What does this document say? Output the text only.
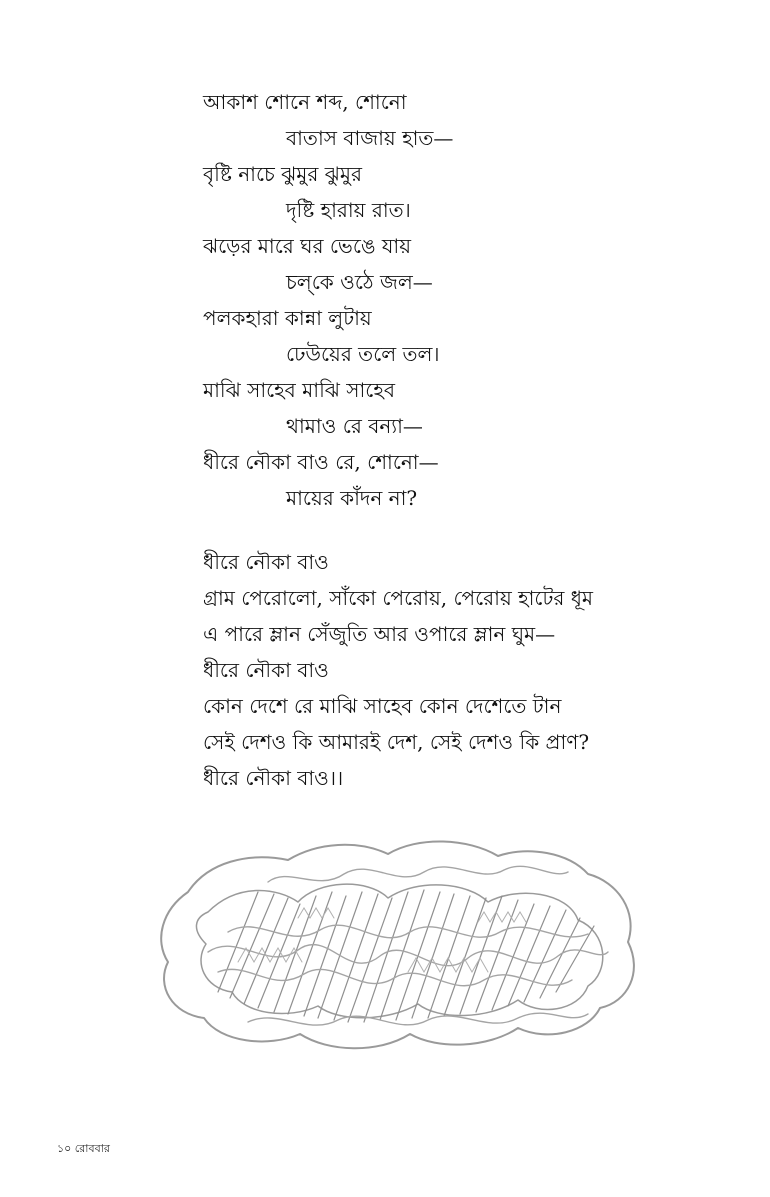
আকাশ শোনে শব্দ, শোনো
বাতাস বাজায় হাত—
বৃষ্টি নাচে ঝুমুর ঝুমুর
দৃষ্টি হারায় রাত।
ঝড়ের মারে ঘর ভেঙে যায়
চল্‌কে ওঠে জল—
পলকহারা কান্না লুটায়
ঢেউয়ের তলে তল।
মাঝি সাহেব মাঝি সাহেব
থামাও রে বন্যা—
ধীরে নৌকা বাও রে, শোনো—
মায়ের কাঁদন না?
ধীরে নৌকা বাও
গ্রাম পেরোলো, সাঁকো পেরোয়, পেরোয় হাটের ধূম
এ পারে ম্লান সেঁজুতি আর ওপারে ম্লান ঘুম—
ধীরে নৌকা বাও
কোন দেশে রে মাঝি সাহেব কোন দেশেতে টান
সেই দেশও কি আমারই দেশ, সেই দেশও কি প্রাণ?
ধীরে নৌকা বাও।।
১০ রোববার
